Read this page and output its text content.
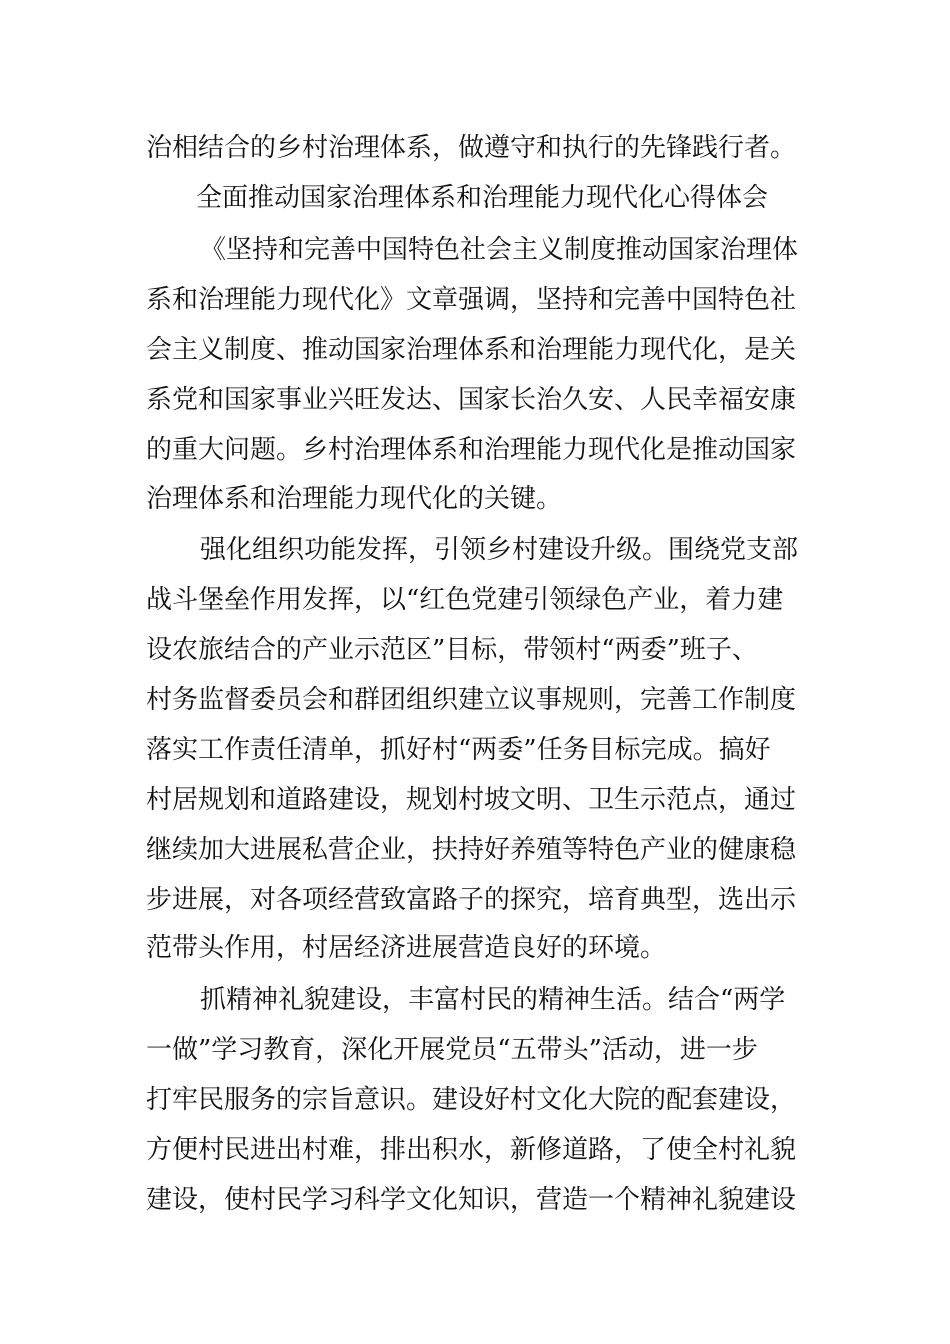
治相结合的乡村治理体系，做遵守和执行的先锋践行者。
全面推动国家治理体系和治理能力现代化心得体会
《坚持和完善中国特色社会主义制度推动国家治理体
系和治理能力现代化》文章强调，坚持和完善中国特色社
会主义制度、推动国家治理体系和治理能力现代化，是关
系党和国家事业兴旺发达、国家长治久安、人民幸福安康
的重大问题。乡村治理体系和治理能力现代化是推动国家
治理体系和治理能力现代化的关键。
强化组织功能发挥，引领乡村建设升级。围绕党支部
战斗堡垒作用发挥，以“红色党建引领绿色产业，着力建
设农旅结合的产业示范区”目标，带领村“两委”班子、
村务监督委员会和群团组织建立议事规则，完善工作制度
落实工作责任清单，抓好村“两委”任务目标完成。搞好
村居规划和道路建设，规划村坡文明、卫生示范点，通过
继续加大进展私营企业，扶持好养殖等特色产业的健康稳
步进展，对各项经营致富路子的探究，培育典型，选出示
范带头作用，村居经济进展营造良好的环境。
抓精神礼貌建设，丰富村民的精神生活。结合“两学
一做”学习教育，深化开展党员“五带头”活动，进一步
打牢民服务的宗旨意识。建设好村文化大院的配套建设，
方便村民进出村难，排出积水，新修道路，了使全村礼貌
建设，使村民学习科学文化知识，营造一个精神礼貌建设
